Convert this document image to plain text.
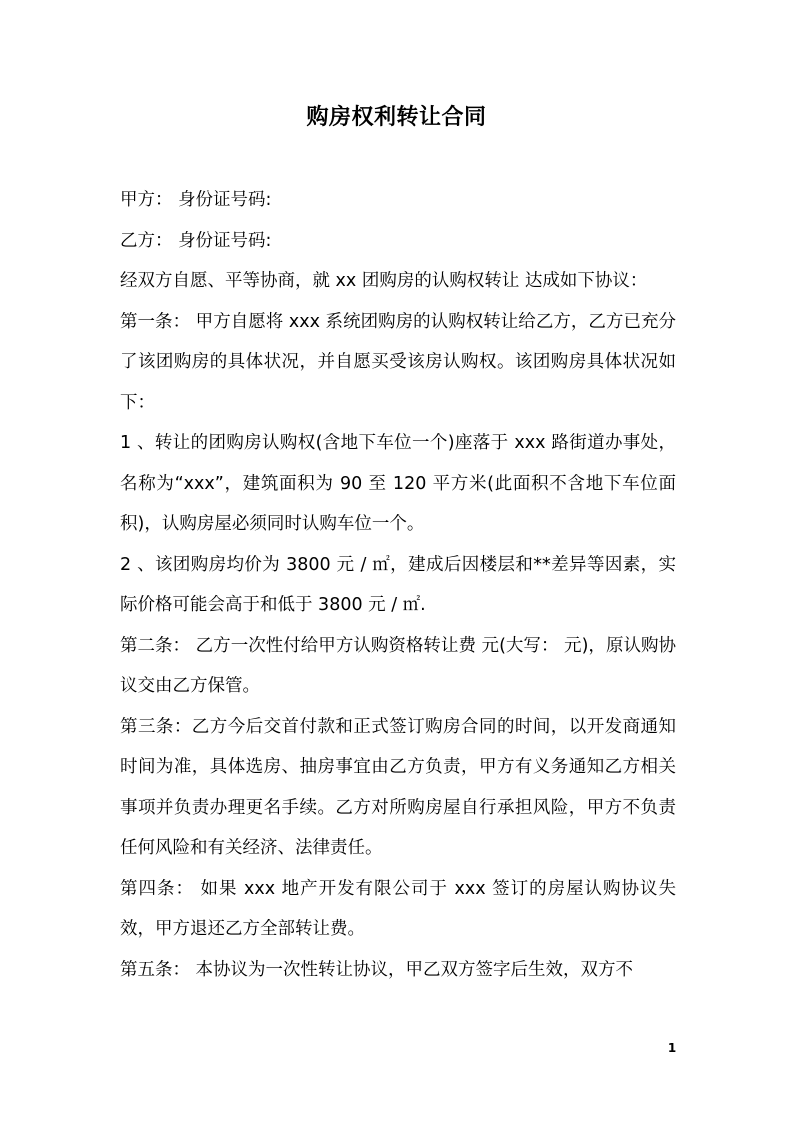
购房权利转让合同

甲方： 身份证号码:

乙方： 身份证号码:

经双方自愿、平等协商，就 xx 团购房的认购权转让 达成如下协议：

第一条： 甲方自愿将 xxx 系统团购房的认购权转让给乙方，乙方已充分了该团购房的具体状况，并自愿买受该房认购权。该团购房具体状况如下：

1 、转让的团购房认购权(含地下车位一个)座落于 xxx 路街道办事处，名称为“xxx”，建筑面积为 90 至 120 平方米(此面积不含地下车位面积)，认购房屋必须同时认购车位一个。

2 、该团购房均价为 3800 元 / ㎡，建成后因楼层和**差异等因素，实际价格可能会高于和低于 3800 元 / ㎡.

第二条： 乙方一次性付给甲方认购资格转让费 元(大写： 元)，原认购协议交由乙方保管。

第三条：乙方今后交首付款和正式签订购房合同的时间，以开发商通知时间为准，具体选房、抽房事宜由乙方负责，甲方有义务通知乙方相关事项并负责办理更名手续。乙方对所购房屋自行承担风险，甲方不负责任何风险和有关经济、法律责任。

第四条： 如果 xxx 地产开发有限公司于 xxx 签订的房屋认购协议失效，甲方退还乙方全部转让费。

第五条： 本协议为一次性转让协议，甲乙双方签字后生效，双方不

1
